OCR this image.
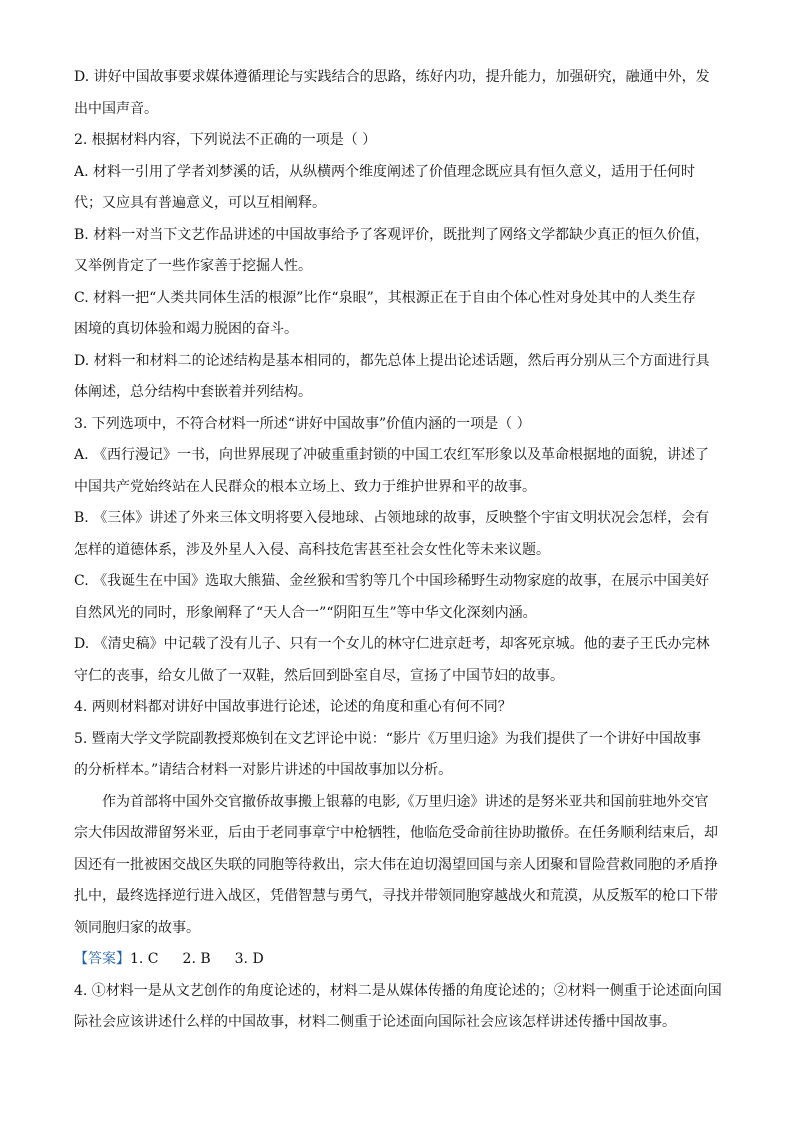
D. 讲好中国故事要求媒体遵循理论与实践结合的思路，练好内功，提升能力，加强研究，融通中外，发
出中国声音。
2. 根据材料内容，下列说法不正确的一项是（ ）
A. 材料一引用了学者刘梦溪的话，从纵横两个维度阐述了价值理念既应具有恒久意义，适用于任何时
代；又应具有普遍意义，可以互相阐释。
B. 材料一对当下文艺作品讲述的中国故事给予了客观评价，既批判了网络文学都缺少真正的恒久价值，
又举例肯定了一些作家善于挖掘人性。
C. 材料一把“人类共同体生活的根源”比作“泉眼”，其根源正在于自由个体心性对身处其中的人类生存
困境的真切体验和竭力脱困的奋斗。
D. 材料一和材料二的论述结构是基本相同的，都先总体上提出论述话题，然后再分别从三个方面进行具
体阐述，总分结构中套嵌着并列结构。
3. 下列选项中，不符合材料一所述“讲好中国故事”价值内涵的一项是（ ）
A. 《西行漫记》一书，向世界展现了冲破重重封锁的中国工农红军形象以及革命根据地的面貌，讲述了
中国共产党始终站在人民群众的根本立场上、致力于维护世界和平的故事。
B. 《三体》讲述了外来三体文明将要入侵地球、占领地球的故事，反映整个宇宙文明状况会怎样，会有
怎样的道德体系，涉及外星人入侵、高科技危害甚至社会女性化等未来议题。
C. 《我诞生在中国》选取大熊猫、金丝猴和雪豹等几个中国珍稀野生动物家庭的故事，在展示中国美好
自然风光的同时，形象阐释了“天人合一”“阴阳互生”等中华文化深刻内涵。
D. 《清史稿》中记载了没有儿子、只有一个女儿的林守仁进京赶考，却客死京城。他的妻子王氏办完林
守仁的丧事，给女儿做了一双鞋，然后回到卧室自尽，宣扬了中国节妇的故事。
4. 两则材料都对讲好中国故事进行论述，论述的角度和重心有何不同？
5. 暨南大学文学院副教授郑焕钊在文艺评论中说：“影片《万里归途》为我们提供了一个讲好中国故事
的分析样本。”请结合材料一对影片讲述的中国故事加以分析。
作为首部将中国外交官撤侨故事搬上银幕的电影,《万里归途》讲述的是努米亚共和国前驻地外交官
宗大伟因故滞留努米亚，后由于老同事章宁中枪牺牲，他临危受命前往协助撤侨。在任务顺利结束后，却
因还有一批被困交战区失联的同胞等待救出，宗大伟在迫切渴望回国与亲人团聚和冒险营救同胞的矛盾挣
扎中，最终选择逆行进入战区，凭借智慧与勇气，寻找并带领同胞穿越战火和荒漠，从反叛军的枪口下带
领同胞归家的故事。
【答案】1. C 2. B 3. D
4. ①材料一是从文艺创作的角度论述的，材料二是从媒体传播的角度论述的；②材料一侧重于论述面向国
际社会应该讲述什么样的中国故事，材料二侧重于论述面向国际社会应该怎样讲述传播中国故事。
